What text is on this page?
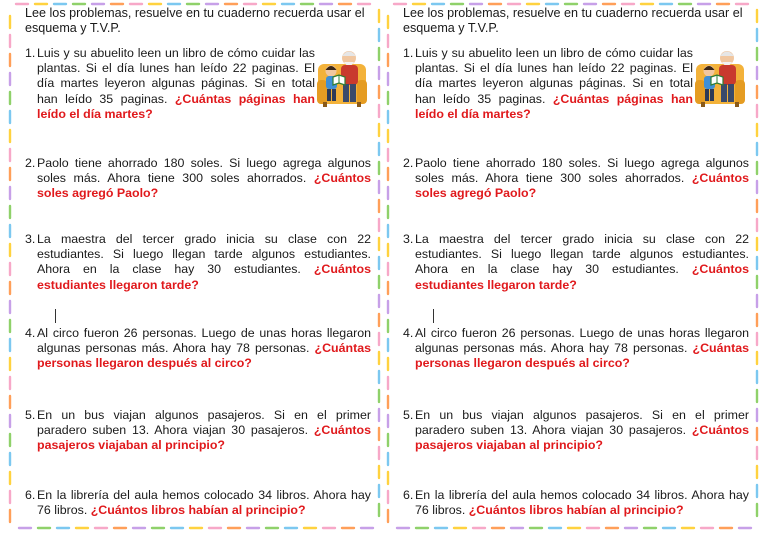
Lee los problemas, resuelve en tu cuaderno recuerda usar el esquema y T.V.P.

1. Luis y su abuelito leen un libro de cómo cuidar las plantas. Si el día lunes han leído 22 paginas. El día martes leyeron algunas páginas. Si en total han leído 35 paginas. ¿Cuántas páginas han leído el día martes?
2. Paolo tiene ahorrado 180 soles. Si luego agrega algunos soles más. Ahora tiene 300 soles ahorrados. ¿Cuántos soles agregó Paolo?
3. La maestra del tercer grado inicia su clase con 22 estudiantes. Si luego llegan tarde algunos estudiantes. Ahora en la clase hay 30 estudiantes. ¿Cuántos estudiantes llegaron tarde?
4. Al circo fueron 26 personas. Luego de unas horas llegaron algunas personas más. Ahora hay 78 personas. ¿Cuántas personas llegaron después al circo?
5. En un bus viajan algunos pasajeros. Si en el primer paradero suben 13. Ahora viajan 30 pasajeros. ¿Cuántos pasajeros viajaban al principio?
6. En la librería del aula hemos colocado 34 libros. Ahora hay 76 libros. ¿Cuántos libros habían al principio?

Lee los problemas, resuelve en tu cuaderno recuerda usar el esquema y T.V.P.

1. Luis y su abuelito leen un libro de cómo cuidar las plantas. Si el día lunes han leído 22 paginas. El día martes leyeron algunas páginas. Si en total han leído 35 paginas. ¿Cuántas páginas han leído el día martes?
2. Paolo tiene ahorrado 180 soles. Si luego agrega algunos soles más. Ahora tiene 300 soles ahorrados. ¿Cuántos soles agregó Paolo?
3. La maestra del tercer grado inicia su clase con 22 estudiantes. Si luego llegan tarde algunos estudiantes. Ahora en la clase hay 30 estudiantes. ¿Cuántos estudiantes llegaron tarde?
4. Al circo fueron 26 personas. Luego de unas horas llegaron algunas personas más. Ahora hay 78 personas. ¿Cuántas personas llegaron después al circo?
5. En un bus viajan algunos pasajeros. Si en el primer paradero suben 13. Ahora viajan 30 pasajeros. ¿Cuántos pasajeros viajaban al principio?
6. En la librería del aula hemos colocado 34 libros. Ahora hay 76 libros. ¿Cuántos libros habían al principio?
